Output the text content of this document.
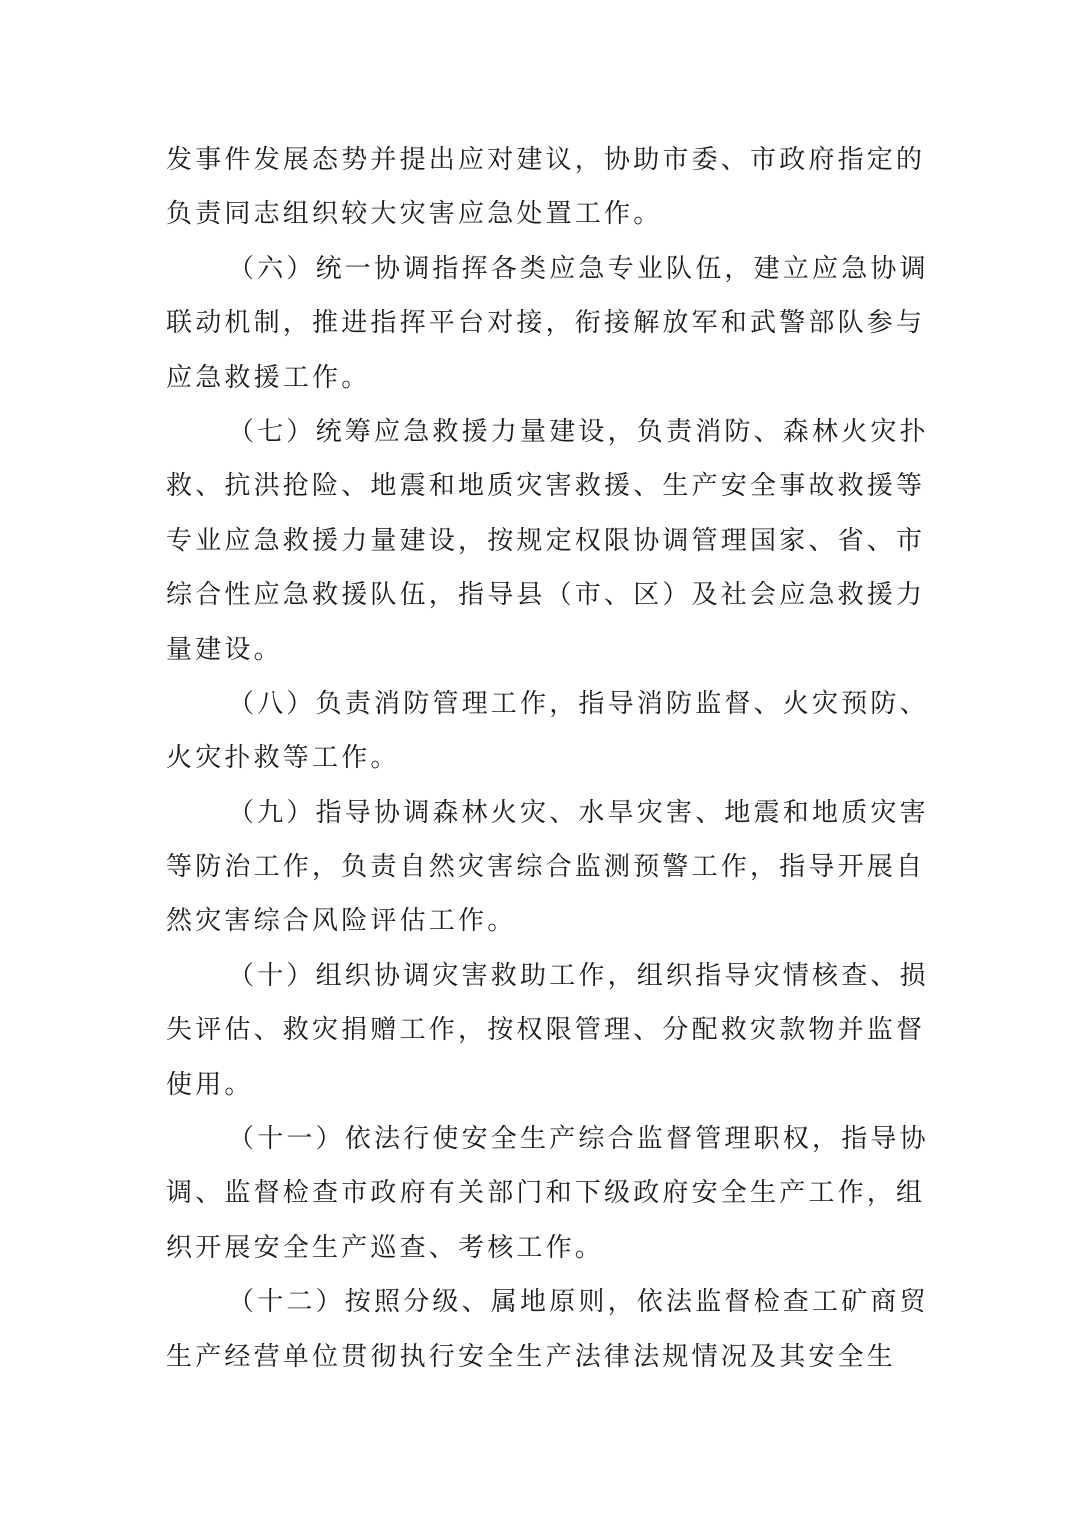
发事件发展态势并提出应对建议，协助市委、市政府指定的
负责同志组织较大灾害应急处置工作。
（六）统一协调指挥各类应急专业队伍，建立应急协调
联动机制，推进指挥平台对接，衔接解放军和武警部队参与
应急救援工作。
（七）统筹应急救援力量建设，负责消防、森林火灾扑
救、抗洪抢险、地震和地质灾害救援、生产安全事故救援等
专业应急救援力量建设，按规定权限协调管理国家、省、市
综合性应急救援队伍，指导县（市、区）及社会应急救援力
量建设。
（八）负责消防管理工作，指导消防监督、火灾预防、
火灾扑救等工作。
（九）指导协调森林火灾、水旱灾害、地震和地质灾害
等防治工作，负责自然灾害综合监测预警工作，指导开展自
然灾害综合风险评估工作。
（十）组织协调灾害救助工作，组织指导灾情核查、损
失评估、救灾捐赠工作，按权限管理、分配救灾款物并监督
使用。
（十一）依法行使安全生产综合监督管理职权，指导协
调、监督检查市政府有关部门和下级政府安全生产工作，组
织开展安全生产巡查、考核工作。
（十二）按照分级、属地原则，依法监督检查工矿商贸
生产经营单位贯彻执行安全生产法律法规情况及其安全生
